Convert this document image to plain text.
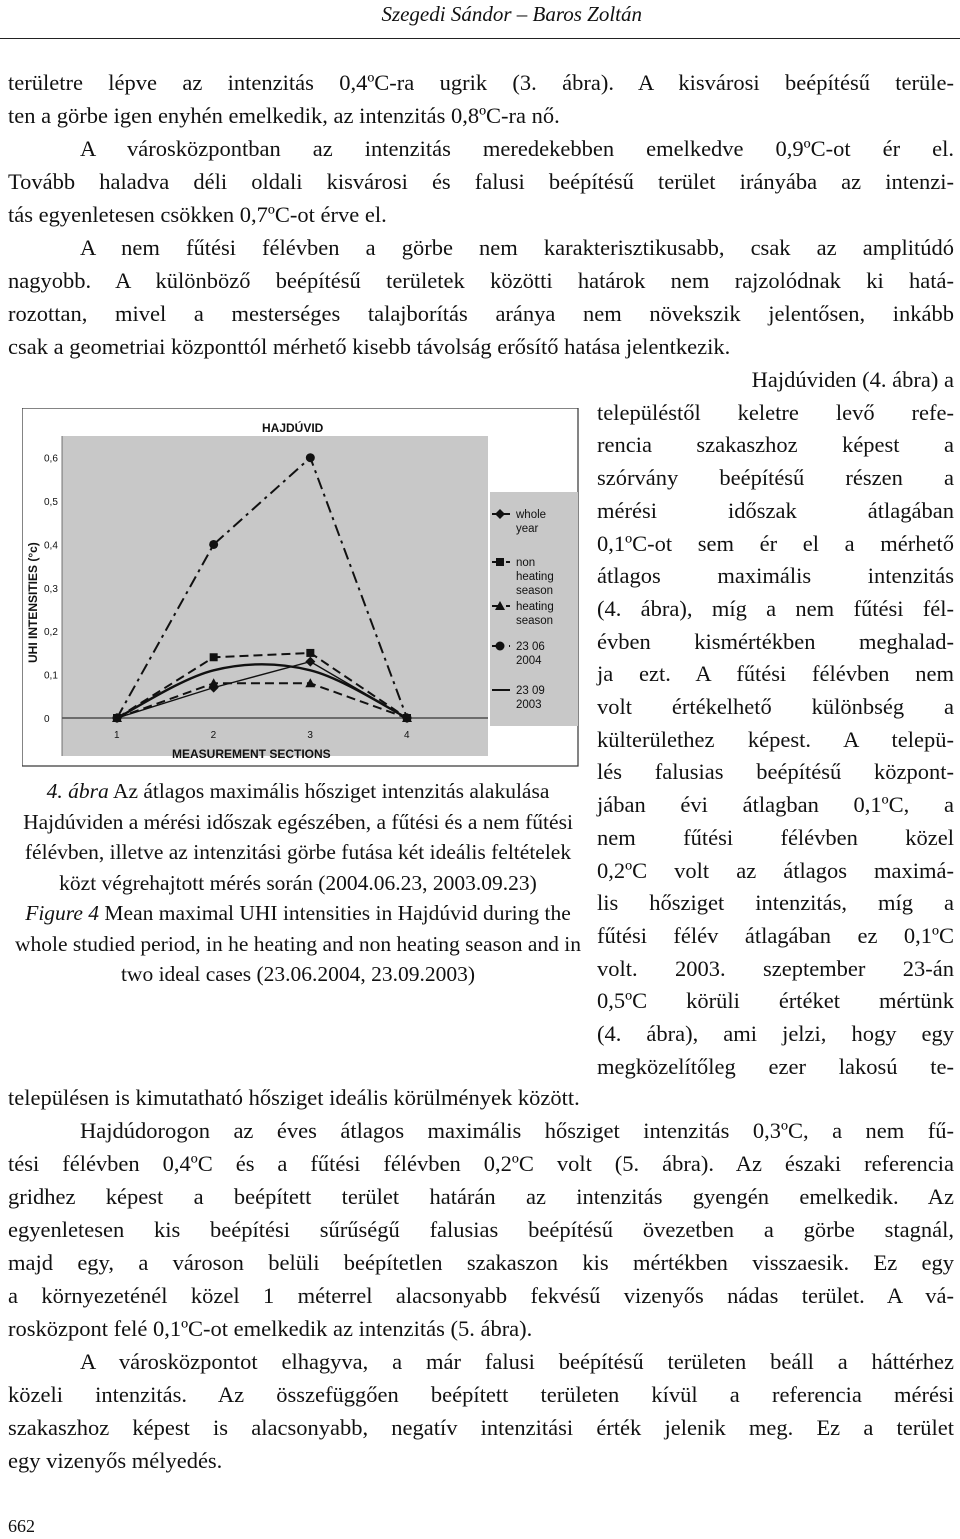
Szegedi Sándor – Baros Zoltán
területre lépve az intenzitás 0,4ºC-ra ugrik (3. ábra). A kisvárosi beépítésű terüle-
ten a görbe igen enyhén emelkedik, az intenzitás 0,8ºC-ra nő.
A városközpontban az intenzitás meredekebben emelkedve 0,9ºC-ot ér el.
Tovább haladva déli oldali kisvárosi és falusi beépítésű terület irányába az intenzi-
tás egyenletesen csökken 0,7ºC-ot érve el.
A nem fűtési félévben a görbe nem karakterisztikusabb, csak az amplitúdó
nagyobb. A különböző beépítésű területek közötti határok nem rajzolódnak ki hatá-
rozottan, mivel a mesterséges talajborítás aránya nem növekszik jelentősen, inkább
csak a geometriai központtól mérhető kisebb távolság erősítő hatása jelentkezik.
Hajdúviden (4. ábra) a
településtől keletre levő refe-
rencia szakaszhoz képest a
szórvány beépítésű részen a
mérési időszak átlagában
0,1ºC-ot sem ér el a mérhető
átlagos maximális intenzitás
(4. ábra), míg a nem fűtési fél-
évben kismértékben meghalad-
ja ezt. A fűtési félévben nem
volt értékelhető különbség a
külterülethez képest. A telepü-
lés falusias beépítésű központ-
jában évi átlagban 0,1ºC, a
nem fűtési félévben közel
0,2ºC volt az átlagos maximá-
lis hősziget intenzitás, míg a
fűtési félév átlagában ez 0,1ºC
volt. 2003. szeptember 23-án
0,5ºC körüli értéket mértünk
(4. ábra), ami jelzi, hogy egy
megközelítőleg ezer lakosú te-
0
0,1
0,2
0,3
0,4
0,5
0,6
1	2	3	4
HAJDÚVID
MEASUREMENT SECTIONS
UHI INTENSITIES (°c)
whole
year
non
heating
season
heating
season
23 06
2004
23 09
2003
4. ábra Az átlagos maximális hősziget intenzitás alakulása Hajdúviden a mérési időszak egészében, a fűtési és a nem fűtési félévben, illetve az intenzitási görbe futása két ideális feltételek közt végrehajtott mérés során (2004.06.23, 2003.09.23)
Figure 4 Mean maximal UHI intensities in Hajdúvid during the whole studied period, in he heating and non heating season and in two ideal cases (23.06.2004, 23.09.2003)
településen is kimutatható hősziget ideális körülmények között.
Hajdúdorogon az éves átlagos maximális hősziget intenzitás 0,3ºC, a nem fű-
tési félévben 0,4ºC és a fűtési félévben 0,2ºC volt (5. ábra). Az északi referencia
gridhez képest a beépített terület határán az intenzitás gyengén emelkedik. Az
egyenletesen kis beépítési sűrűségű falusias beépítésű övezetben a görbe stagnál,
majd egy, a városon belüli beépítetlen szakaszon kis mértékben visszaesik. Ez egy
a környezeténél közel 1 méterrel alacsonyabb fekvésű vizenyős nádas terület. A vá-
rosközpont felé 0,1ºC-ot emelkedik az intenzitás (5. ábra).
A városközpontot elhagyva, a már falusi beépítésű területen beáll a háttérhez
közeli intenzitás. Az összefüggően beépített területen kívül a referencia mérési
szakaszhoz képest is alacsonyabb, negatív intenzitási érték jelenik meg. Ez a terület
egy vizenyős mélyedés.
662
